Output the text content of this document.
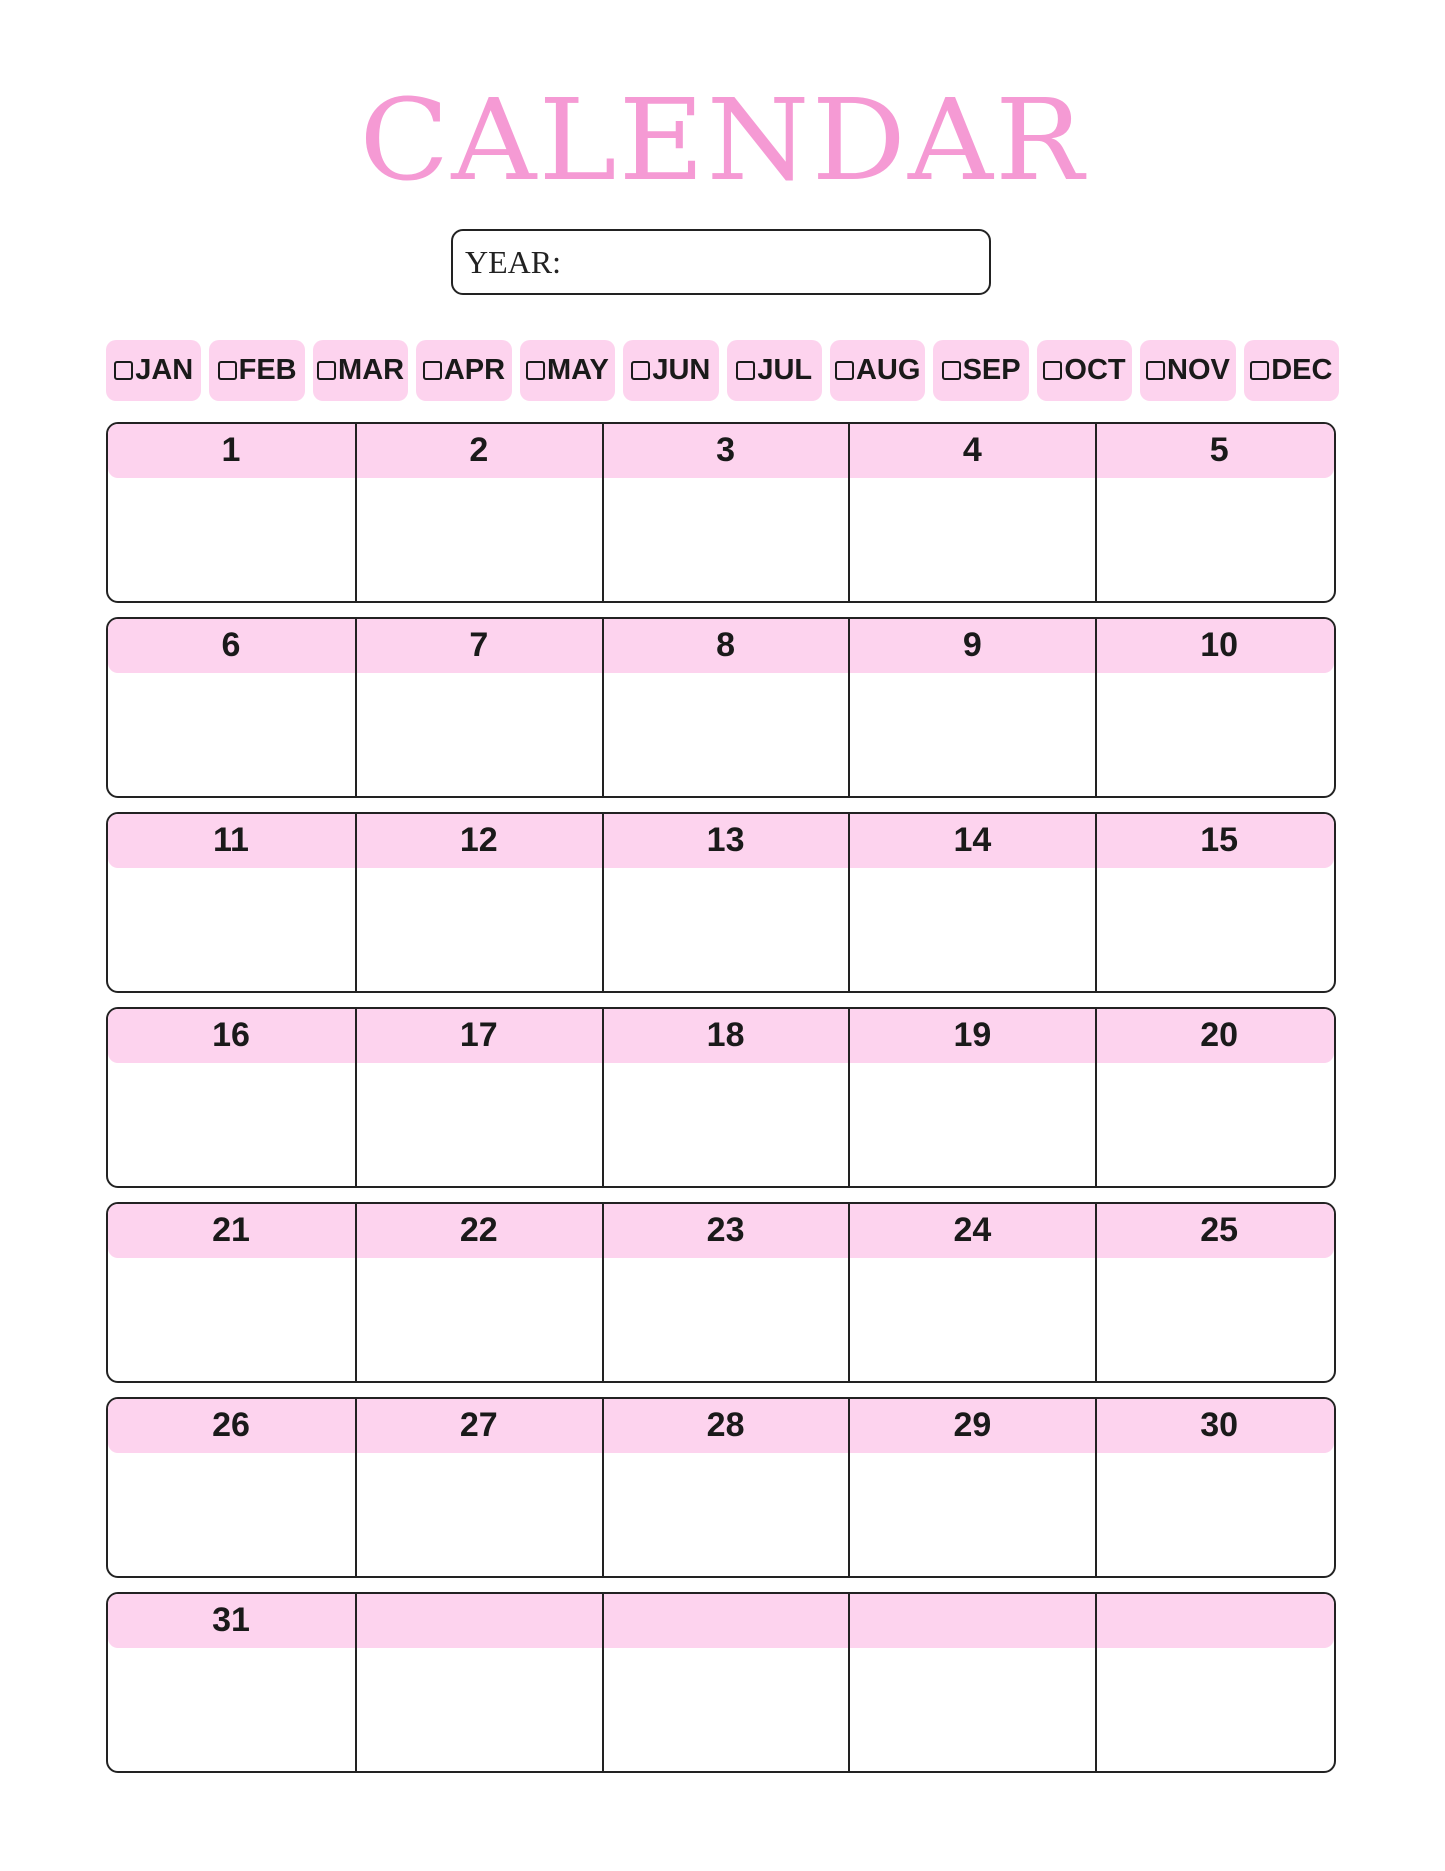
CALENDAR
YEAR:
JAN FEB MAR APR MAY JUN JUL AUG SEP OCT NOV DEC
1	2	3	4	5
6	7	8	9	10
11	12	13	14	15
16	17	18	19	20
21	22	23	24	25
26	27	28	29	30
31
